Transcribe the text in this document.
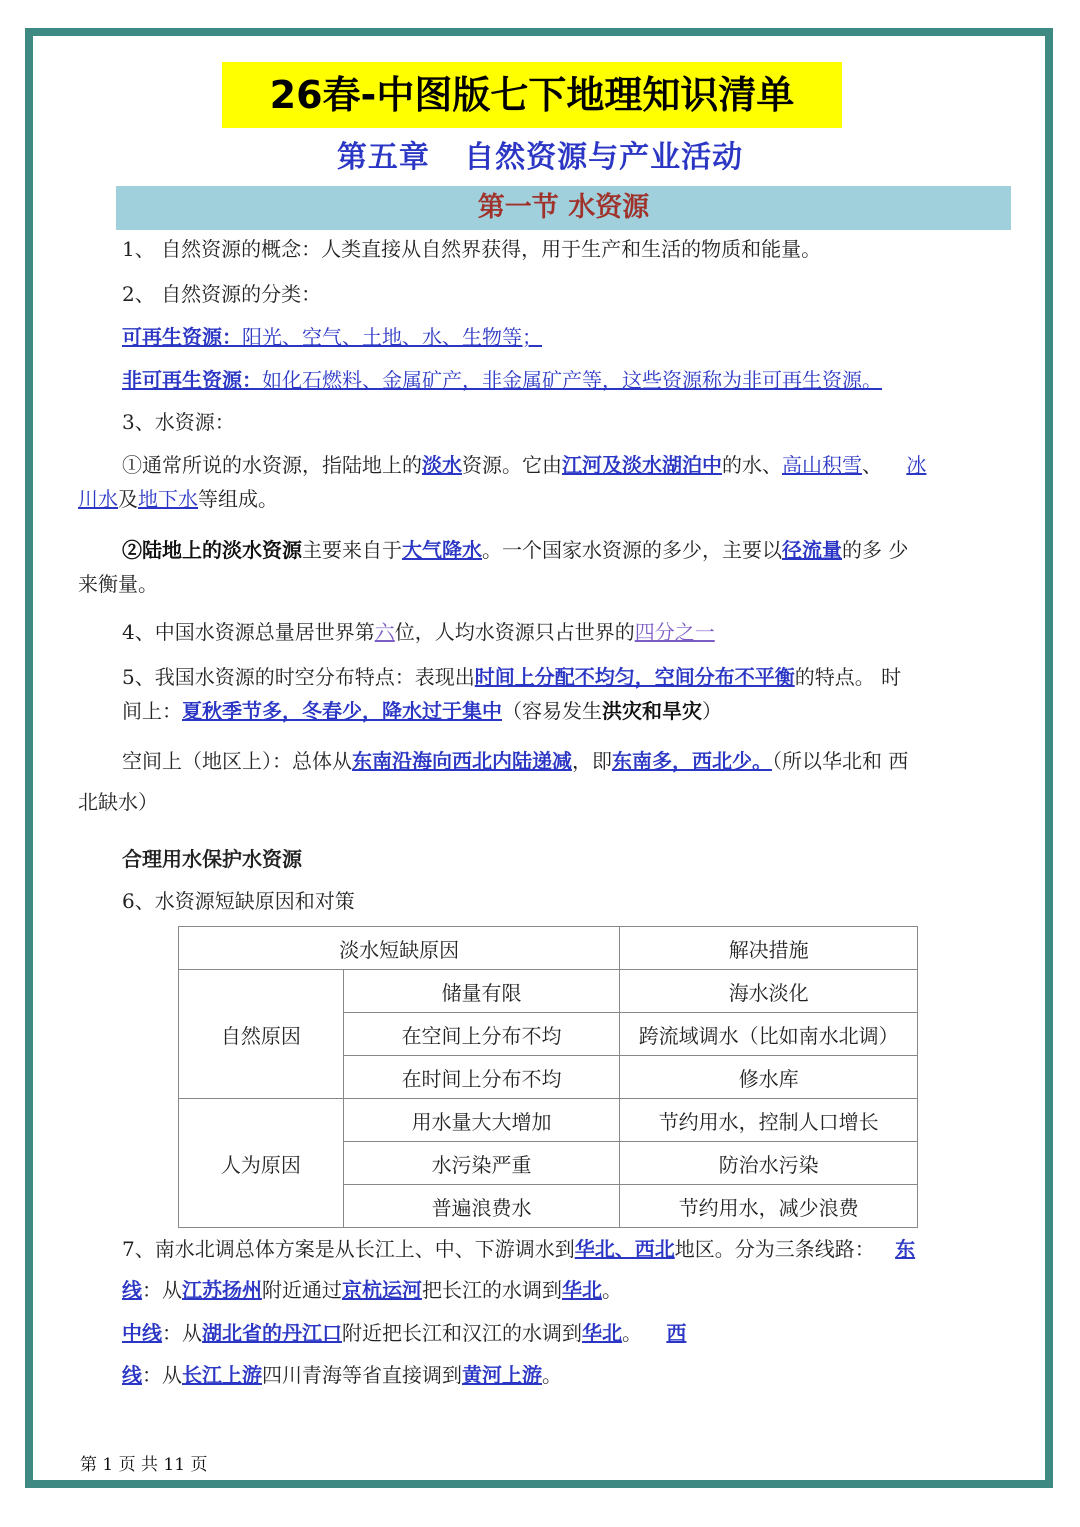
26春-中图版七下地理知识清单
第五章   自然资源与产业活动
第一节 水资源
1、 自然资源的概念：人类直接从自然界获得，用于生产和生活的物质和能量。
2、 自然资源的分类：
可再生资源：阳光、空气、土地、水、生物等；
非可再生资源：如化石燃料、金属矿产，非金属矿产等，这些资源称为非可再生资源。
3、水资源：
①通常所说的水资源，指陆地上的淡水资源。它由江河及淡水湖泊中的水、高山积雪、 冰
川水及地下水等组成。
②陆地上的淡水资源主要来自于大气降水。一个国家水资源的多少，主要以径流量的多 少
来衡量。
4、中国水资源总量居世界第六位，人均水资源只占世界的四分之一
5、我国水资源的时空分布特点：表现出时间上分配不均匀，空间分布不平衡的特点。 时
间上：夏秋季节多，冬春少，降水过于集中（容易发生洪灾和旱灾）
空间上（地区上）：总体从东南沿海向西北内陆递减，即东南多，西北少。（所以华北和 西
北缺水）
合理用水保护水资源
6、水资源短缺原因和对策
淡水短缺原因		解决措施
自然原因	储量有限	海水淡化
	在空间上分布不均	跨流域调水（比如南水北调）
	在时间上分布不均	修水库
人为原因	用水量大大增加	节约用水，控制人口增长
	水污染严重	防治水污染
	普遍浪费水	节约用水，减少浪费
7、南水北调总体方案是从长江上、中、下游调水到华北、西北地区。分为三条线路： 东
线：从江苏扬州附近通过京杭运河把长江的水调到华北。
中线：从湖北省的丹江口附近把长江和汉江的水调到华北。 西
线：从长江上游四川青海等省直接调到黄河上游。
第 1 页 共 11 页
